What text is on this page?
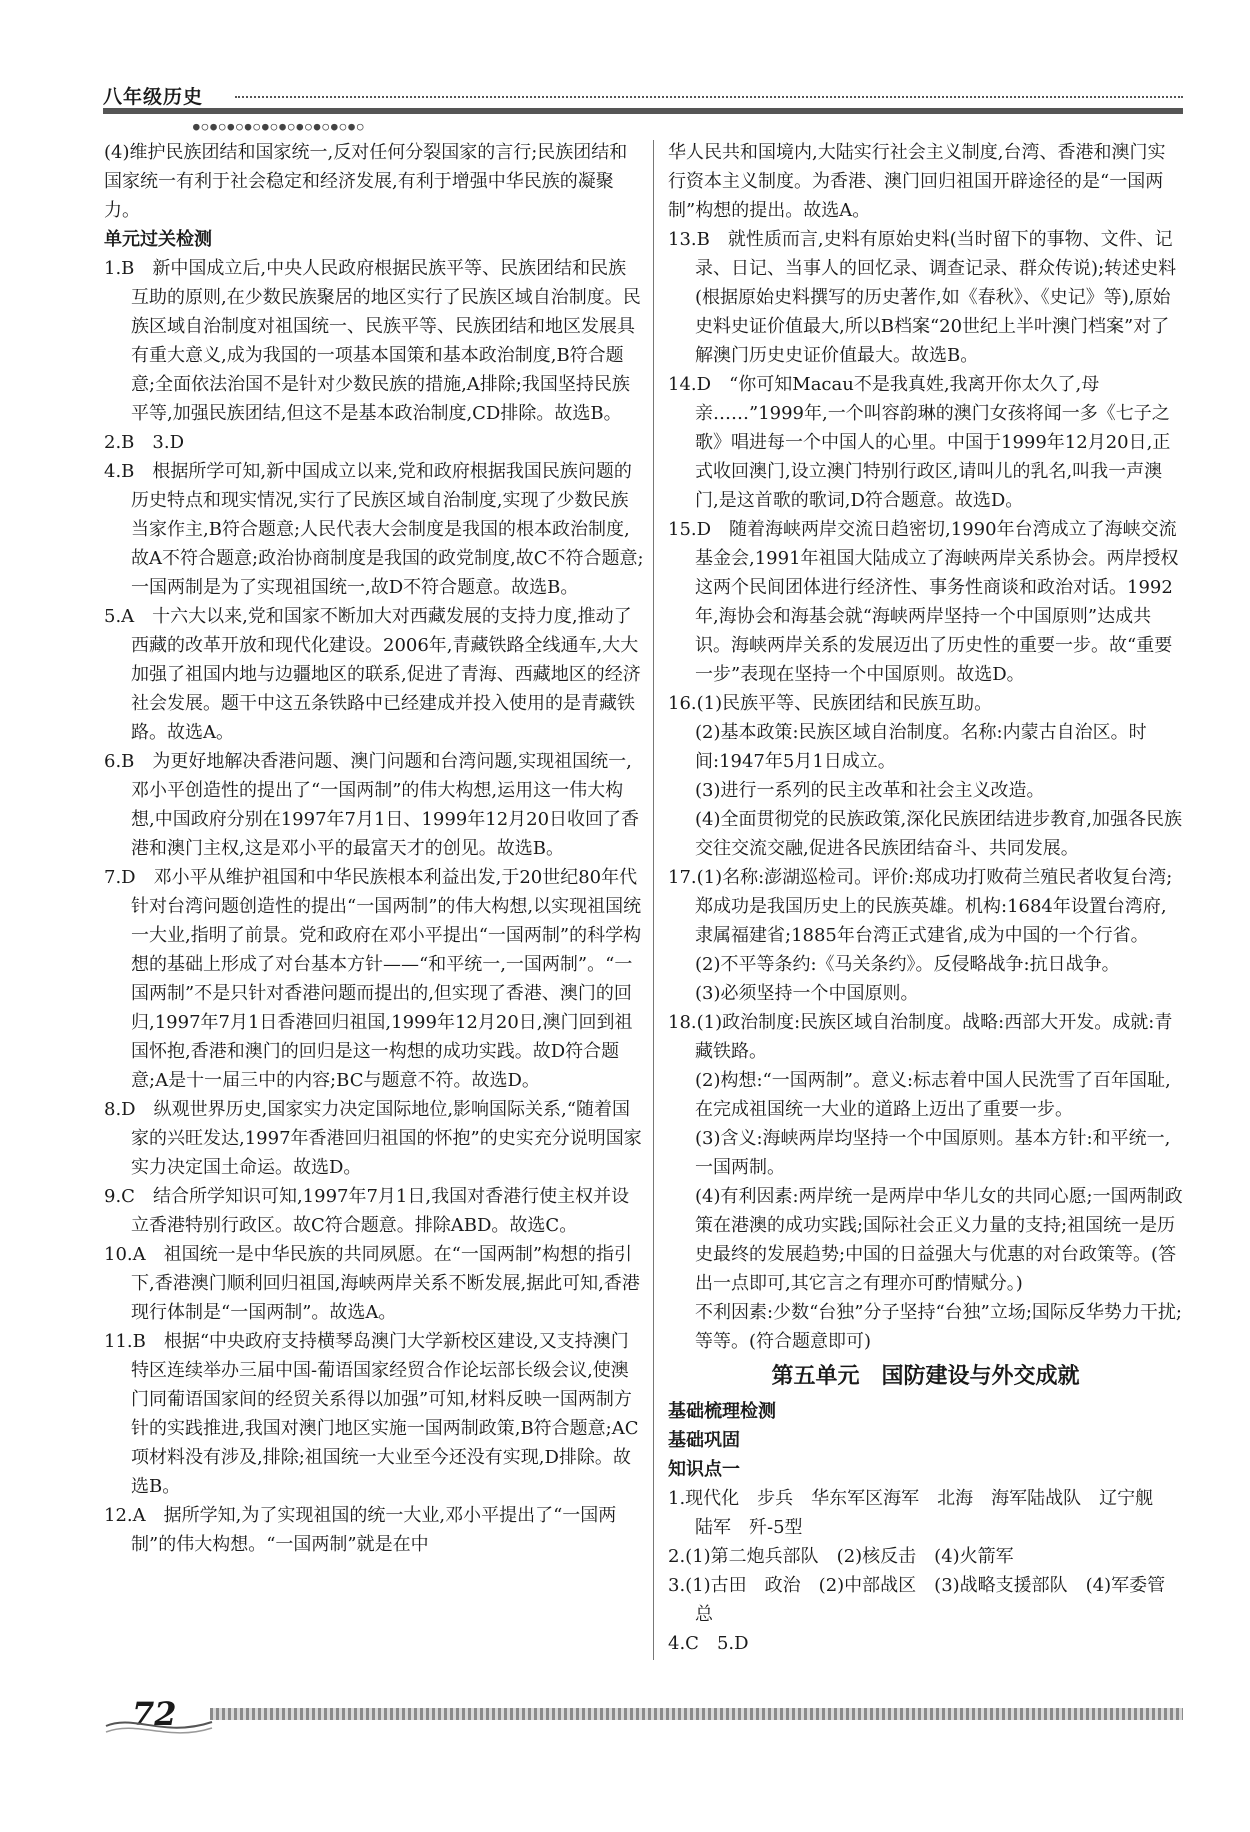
八年级历史
●○●○●○●○●○●○●○●○●○●○
(4)维护民族团结和国家统一,反对任何分裂国家的言行;民族团结和国家统一有利于社会稳定和经济发展,有利于增强中华民族的凝聚力。
单元过关检测
1.B 新中国成立后,中央人民政府根据民族平等、民族团结和民族互助的原则,在少数民族聚居的地区实行了民族区域自治制度。民族区域自治制度对祖国统一、民族平等、民族团结和地区发展具有重大意义,成为我国的一项基本国策和基本政治制度,B符合题意;全面依法治国不是针对少数民族的措施,A排除;我国坚持民族平等,加强民族团结,但这不是基本政治制度,CD排除。故选B。
2.B 3.D
4.B 根据所学可知,新中国成立以来,党和政府根据我国民族问题的历史特点和现实情况,实行了民族区域自治制度,实现了少数民族当家作主,B符合题意;人民代表大会制度是我国的根本政治制度,故A不符合题意;政治协商制度是我国的政党制度,故C不符合题意;一国两制是为了实现祖国统一,故D不符合题意。故选B。
5.A 十六大以来,党和国家不断加大对西藏发展的支持力度,推动了西藏的改革开放和现代化建设。2006年,青藏铁路全线通车,大大加强了祖国内地与边疆地区的联系,促进了青海、西藏地区的经济社会发展。题干中这五条铁路中已经建成并投入使用的是青藏铁路。故选A。
6.B 为更好地解决香港问题、澳门问题和台湾问题,实现祖国统一,邓小平创造性的提出了“一国两制”的伟大构想,运用这一伟大构想,中国政府分别在1997年7月1日、1999年12月20日收回了香港和澳门主权,这是邓小平的最富天才的创见。故选B。
7.D 邓小平从维护祖国和中华民族根本利益出发,于20世纪80年代针对台湾问题创造性的提出“一国两制”的伟大构想,以实现祖国统一大业,指明了前景。党和政府在邓小平提出“一国两制”的科学构想的基础上形成了对台基本方针——“和平统一,一国两制”。“一国两制”不是只针对香港问题而提出的,但实现了香港、澳门的回归,1997年7月1日香港回归祖国,1999年12月20日,澳门回到祖国怀抱,香港和澳门的回归是这一构想的成功实践。故D符合题意;A是十一届三中的内容;BC与题意不符。故选D。
8.D 纵观世界历史,国家实力决定国际地位,影响国际关系,“随着国家的兴旺发达,1997年香港回归祖国的怀抱”的史实充分说明国家实力决定国土命运。故选D。
9.C 结合所学知识可知,1997年7月1日,我国对香港行使主权并设立香港特别行政区。故C符合题意。排除ABD。故选C。
10.A 祖国统一是中华民族的共同夙愿。在“一国两制”构想的指引下,香港澳门顺利回归祖国,海峡两岸关系不断发展,据此可知,香港现行体制是“一国两制”。故选A。
11.B 根据“中央政府支持横琴岛澳门大学新校区建设,又支持澳门特区连续举办三届中国-葡语国家经贸合作论坛部长级会议,使澳门同葡语国家间的经贸关系得以加强”可知,材料反映一国两制方针的实践推进,我国对澳门地区实施一国两制政策,B符合题意;AC项材料没有涉及,排除;祖国统一大业至今还没有实现,D排除。故选B。
12.A 据所学知,为了实现祖国的统一大业,邓小平提出了“一国两制”的伟大构想。“一国两制”就是在中
华人民共和国境内,大陆实行社会主义制度,台湾、香港和澳门实行资本主义制度。为香港、澳门回归祖国开辟途径的是“一国两制”构想的提出。故选A。
13.B 就性质而言,史料有原始史料(当时留下的事物、文件、记录、日记、当事人的回忆录、调查记录、群众传说);转述史料(根据原始史料撰写的历史著作,如《春秋》、《史记》等),原始史料史证价值最大,所以B档案“20世纪上半叶澳门档案”对了解澳门历史史证价值最大。故选B。
14.D “你可知Macau不是我真姓,我离开你太久了,母亲……”1999年,一个叫容韵琳的澳门女孩将闻一多《七子之歌》唱进每一个中国人的心里。中国于1999年12月20日,正式收回澳门,设立澳门特别行政区,请叫儿的乳名,叫我一声澳门,是这首歌的歌词,D符合题意。故选D。
15.D 随着海峡两岸交流日趋密切,1990年台湾成立了海峡交流基金会,1991年祖国大陆成立了海峡两岸关系协会。两岸授权这两个民间团体进行经济性、事务性商谈和政治对话。1992年,海协会和海基会就“海峡两岸坚持一个中国原则”达成共识。海峡两岸关系的发展迈出了历史性的重要一步。故“重要一步”表现在坚持一个中国原则。故选D。
16.(1)民族平等、民族团结和民族互助。
(2)基本政策:民族区域自治制度。名称:内蒙古自治区。时间:1947年5月1日成立。
(3)进行一系列的民主改革和社会主义改造。
(4)全面贯彻党的民族政策,深化民族团结进步教育,加强各民族交往交流交融,促进各民族团结奋斗、共同发展。
17.(1)名称:澎湖巡检司。评价:郑成功打败荷兰殖民者收复台湾;郑成功是我国历史上的民族英雄。机构:1684年设置台湾府,隶属福建省;1885年台湾正式建省,成为中国的一个行省。
(2)不平等条约:《马关条约》。反侵略战争:抗日战争。
(3)必须坚持一个中国原则。
18.(1)政治制度:民族区域自治制度。战略:西部大开发。成就:青藏铁路。
(2)构想:“一国两制”。意义:标志着中国人民洗雪了百年国耻,在完成祖国统一大业的道路上迈出了重要一步。
(3)含义:海峡两岸均坚持一个中国原则。基本方针:和平统一,一国两制。
(4)有利因素:两岸统一是两岸中华儿女的共同心愿;一国两制政策在港澳的成功实践;国际社会正义力量的支持;祖国统一是历史最终的发展趋势;中国的日益强大与优惠的对台政策等。(答出一点即可,其它言之有理亦可酌情赋分。)
不利因素:少数“台独”分子坚持“台独”立场;国际反华势力干扰;等等。(符合题意即可)
第五单元 国防建设与外交成就
基础梳理检测
基础巩固
知识点一
1.现代化 步兵 华东军区海军 北海 海军陆战队 辽宁舰 陆军 歼-5型
2.(1)第二炮兵部队 (2)核反击 (4)火箭军
3.(1)古田 政治 (2)中部战区 (3)战略支援部队 (4)军委管总
4.C 5.D
72
